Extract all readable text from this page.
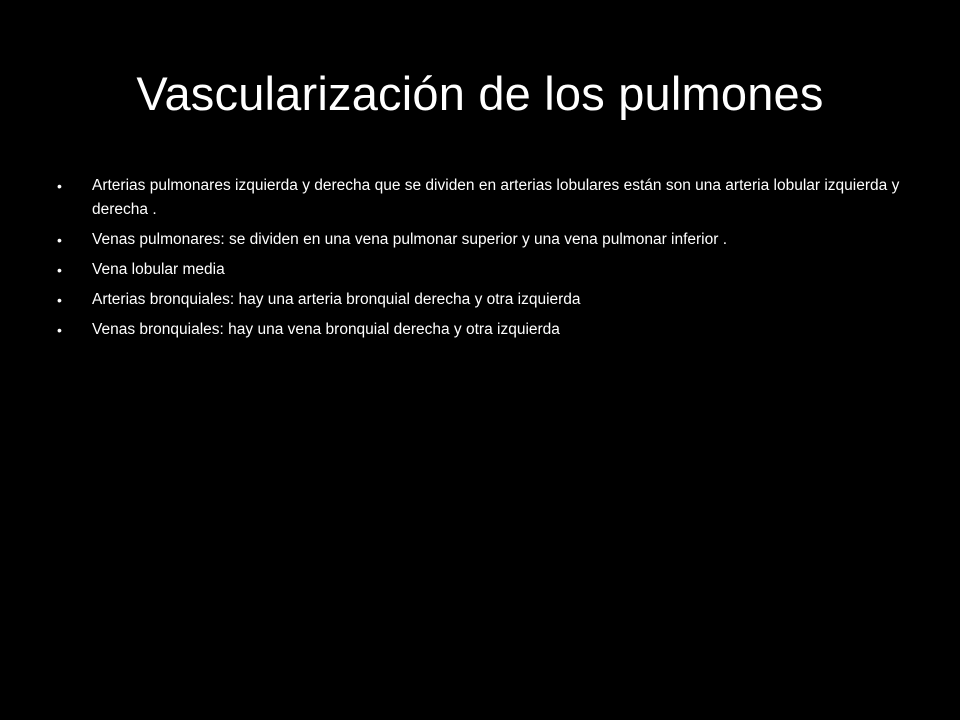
Vascularización de los pulmones
• Arterias pulmonares izquierda y derecha que se dividen en arterias lobulares están son una arteria lobular izquierda y derecha .
• Venas pulmonares: se dividen en una vena pulmonar superior y una vena pulmonar inferior .
• Vena lobular media
• Arterias bronquiales: hay una arteria bronquial derecha y otra izquierda
• Venas bronquiales: hay una vena bronquial derecha y otra izquierda
